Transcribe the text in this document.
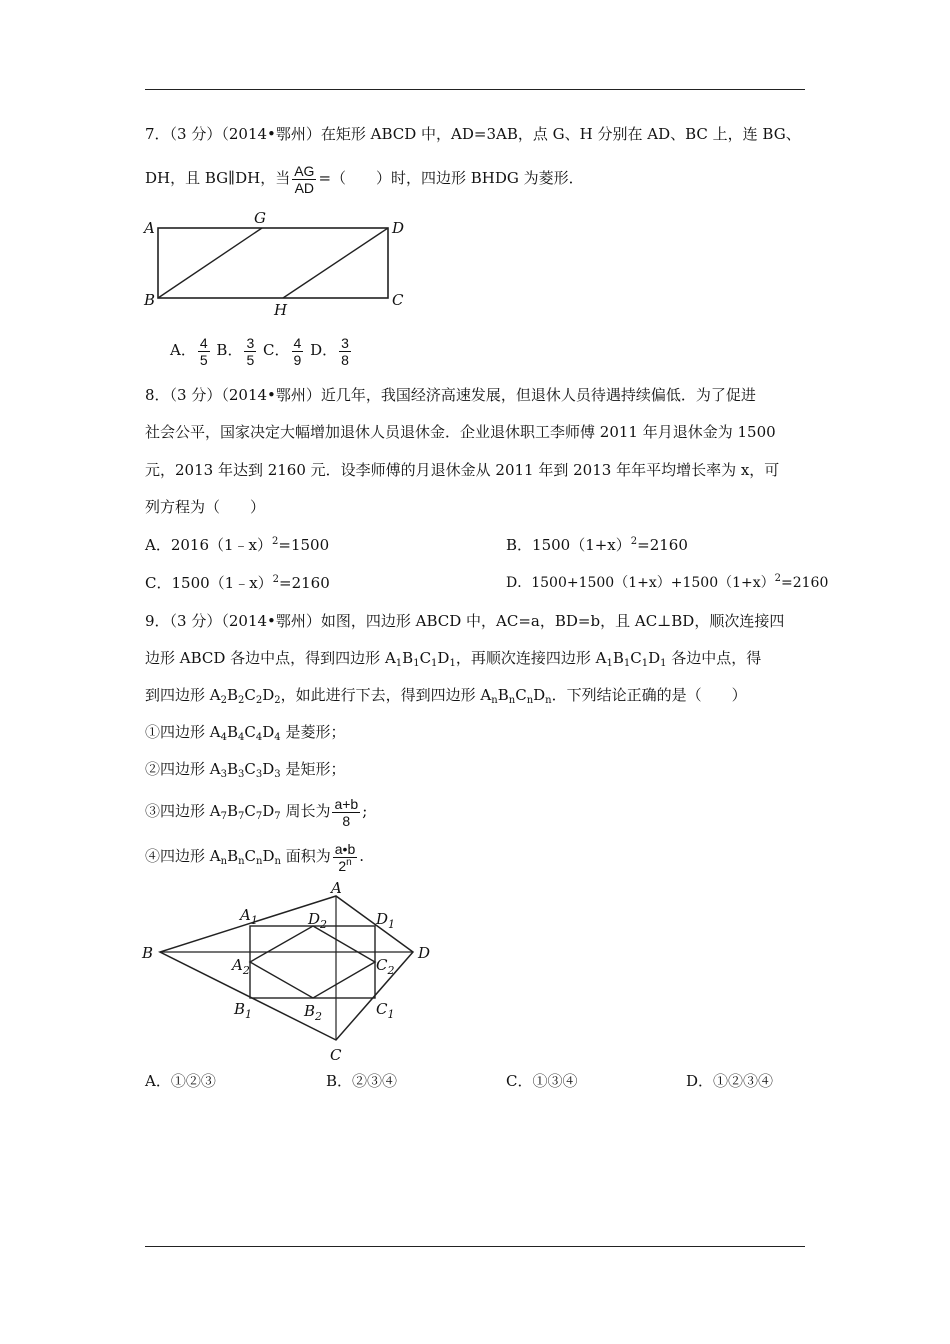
7．（3 分）（2014•鄂州）在矩形 ABCD 中，AD=3AB，点 G、H 分别在 AD、BC 上，连 BG、
DH，且 BG∥DH，当 $\frac{AG}{AD}$ =（　　）时，四边形 BHDG 为菱形．
A
G
D
B
H
C
A． $\frac{4}{5}$ B． $\frac{3}{5}$ C． $\frac{4}{9}$ D． $\frac{3}{8}$
8．（3 分）（2014•鄂州）近几年，我国经济高速发展，但退休人员待遇持续偏低．为了促进
社会公平，国家决定大幅增加退休人员退休金．企业退休职工李师傅 2011 年月退休金为 1500
元，2013 年达到 2160 元．设李师傅的月退休金从 2011 年到 2013 年年平均增长率为 x，可
列方程为（　　）
A．2016（1﹣x）$^2$=1500	B．$1500(1+x)^2=2160$
C．1500（1﹣x）$^2$=2160	D．$1500+1500(1+x)+1500(1+x)^2=2160$
9．（3 分）（2014•鄂州）如图，四边形 ABCD 中，AC=a，BD=b，且 AC⊥BD，顺次连接四
边形 ABCD 各边中点，得到四边形 $A_1B_1C_1D_1$，再顺次连接四边形 $A_1B_1C_1D_1$ 各边中点，得
到四边形 $A_2B_2C_2D_2$，如此进行下去，得到四边形 $A_nB_nC_nD_n$．下列结论正确的是（　　）
①四边形 $A_4B_4C_4D_4$ 是菱形；
②四边形 $A_3B_3C_3D_3$ 是矩形；
③四边形 $A_7B_7C_7D_7$ 周长为 $\frac{a+b}{8}$ ;
④四边形 $A_nB_nC_nD_n$ 面积为 $\frac{a•b}{2^n}$ .
A
B
C
D
$A_1$	$D_2$	$D_1$
$A_2$	$C_2$
$B_1$	$B_2$	$C_1$
A．①②③	B．②③④	C．①③④	D．①②③④
